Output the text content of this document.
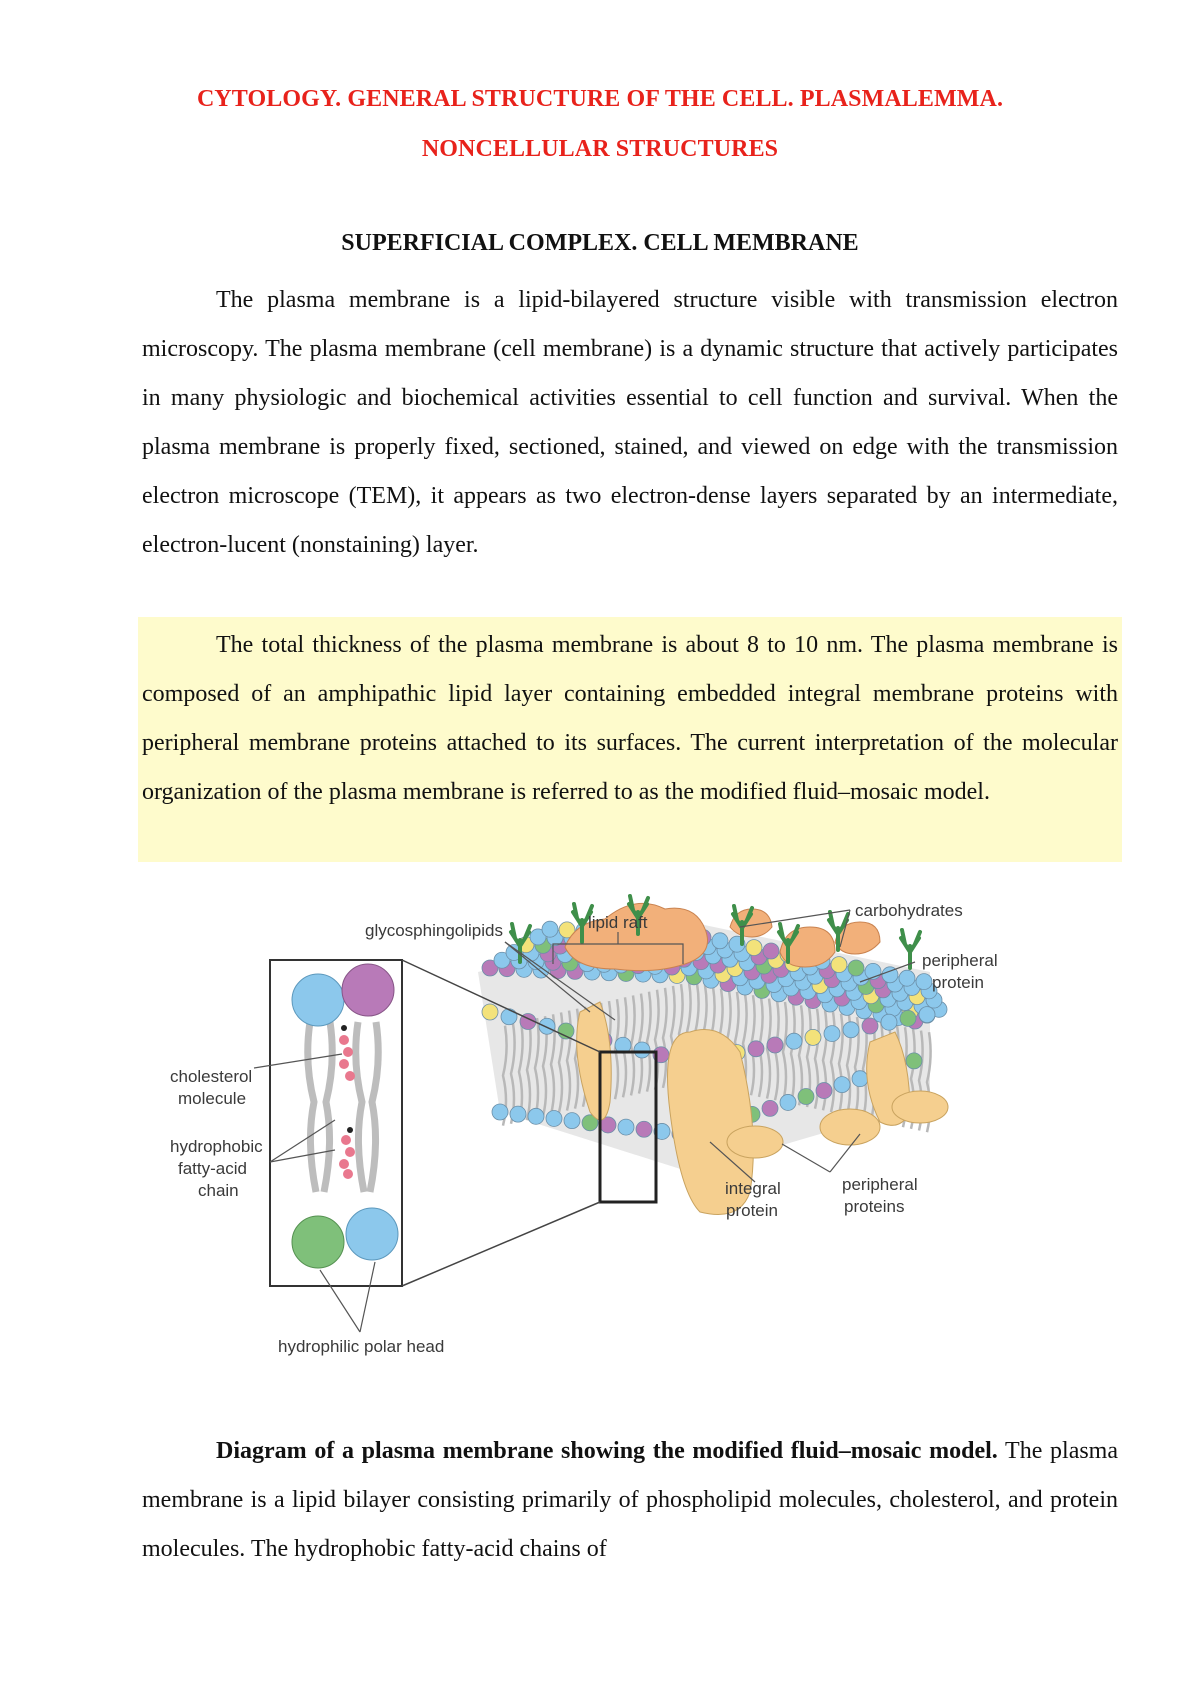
CYTOLOGY. GENERAL STRUCTURE OF THE CELL. PLASMALEMMA.
NONCELLULAR STRUCTURES
SUPERFICIAL COMPLEX. CELL MEMBRANE

The plasma membrane is a lipid-bilayered structure visible with transmission electron microscopy. The plasma membrane (cell membrane) is a dynamic structure that actively participates in many physiologic and biochemical activities essential to cell function and survival. When the plasma membrane is properly fixed, sectioned, stained, and viewed on edge with the transmission electron microscope (TEM), it appears as two electron-dense layers separated by an intermediate, electron-lucent (nonstaining) layer.

The total thickness of the plasma membrane is about 8 to 10 nm. The plasma membrane is composed of an amphipathic lipid layer containing embedded integral membrane proteins with peripheral membrane proteins attached to its surfaces. The current interpretation of the molecular organization of the plasma membrane is referred to as the modified fluid–mosaic model.

lipid raft
carbohydrates
glycosphingolipids
peripheral
protein
cholesterol
molecule
hydrophobic
fatty-acid
chain	integral
protein
peripheral
proteins
hydrophilic polar head

Diagram of a plasma membrane showing the modified fluid–mosaic model. The plasma membrane is a lipid bilayer consisting primarily of phospholipid molecules, cholesterol, and protein molecules. The hydrophobic fatty-acid chains of
